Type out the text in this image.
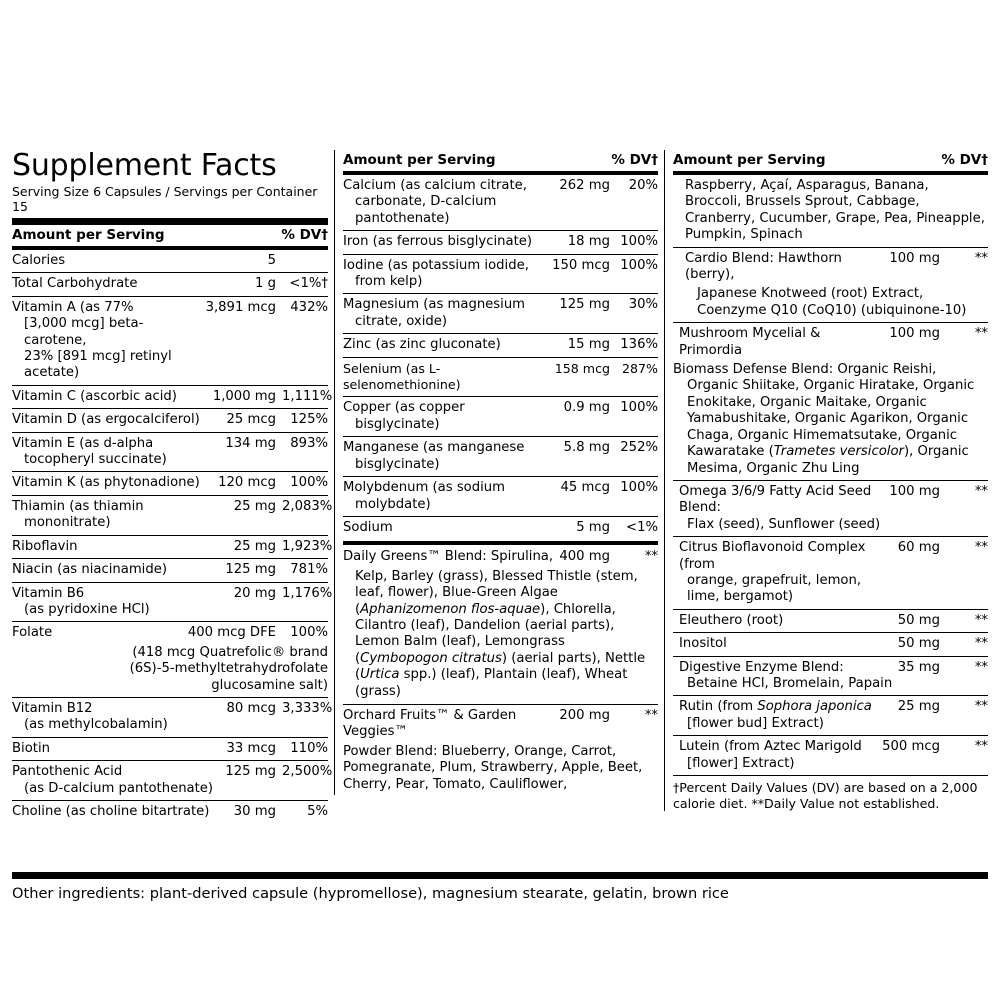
Supplement Facts
Serving Size 6 Capsules / Servings per Container 15
Amount per Serving	% DV†
Calories	5
Total Carbohydrate	1 g	<1%†
Vitamin A (as 77%
[3,000 mcg] beta-carotene,
23% [891 mcg] retinyl acetate)
3,891 mcg	432%
Vitamin C (ascorbic acid)	1,000 mg 1,111%
Vitamin D (as ergocalciferol)	25 mcg	125%
Vitamin E (as d-alpha
tocopheryl succinate)
134 mg	893%
Vitamin K (as phytonadione)	120 mcg	100%
Thiamin (as thiamin
mononitrate)
25 mg 2,083%
Riboflavin	25 mg 1,923%
Niacin (as niacinamide)	125 mg	781%
Vitamin B6
(as pyridoxine HCl)
20 mg 1,176%
Folate	400 mcg DFE	100%
(418 mcg Quatrefolic® brand
(6S)-5-methyltetrahydrofolate
glucosamine salt)
Vitamin B12
(as methylcobalamin)
80 mcg 3,333%
Biotin	33 mcg	110%
Pantothenic Acid
(as D-calcium pantothenate)
125 mg 2,500%
Choline (as choline bitartrate)	30 mg	5%
Amount per Serving	% DV†
Calcium (as calcium citrate,
carbonate, D-calcium
pantothenate)
262 mg	20%
Iron (as ferrous bisglycinate)	18 mg 100%
Iodine (as potassium iodide,
from kelp)
150 mcg 100%
Magnesium (as magnesium
citrate, oxide)
125 mg	30%
Zinc (as zinc gluconate)	15 mg 136%
Selenium (as L-selenomethionine)
158 mcg 287%
Copper (as copper
bisglycinate)
0.9 mg 100%
Manganese (as manganese
bisglycinate)
5.8 mg 252%
Molybdenum (as sodium
molybdate)
45 mcg 100%
Sodium	5 mg	<1%
Daily Greens™ Blend: Spirulina, 400 mg	**
Kelp, Barley (grass), Blessed Thistle (stem, leaf, flower), Blue-Green Algae (Aphanizomenon flos-aquae), Chlorella, Cilantro (leaf), Dandelion (aerial parts), Lemon Balm (leaf), Lemongrass (Cymbopogon citratus) (aerial parts), Nettle (Urtica spp.) (leaf), Plantain (leaf), Wheat (grass)
Orchard Fruits™ & Garden Veggies™
200 mg	**
Powder Blend: Blueberry, Orange, Carrot, Pomegranate, Plum, Strawberry, Apple, Beet, Cherry, Pear, Tomato, Cauliflower,
Amount per Serving	% DV†
Raspberry, Açaí, Asparagus, Banana, Broccoli, Brussels Sprout, Cabbage, Cranberry, Cucumber, Grape, Pea, Pineapple, Pumpkin, Spinach
Cardio Blend: Hawthorn (berry),
100 mg	**
Japanese Knotweed (root) Extract, Coenzyme Q10 (CoQ10) (ubiquinone-10)
Mushroom Mycelial & Primordia
100 mg	**
Biomass Defense Blend: Organic Reishi,
Organic Shiitake, Organic Hiratake, Organic Enokitake, Organic Maitake, Organic Yamabushitake, Organic Agarikon, Organic Chaga, Organic Himematsutake, Organic Kawaratake (Trametes versicolor), Organic Mesima, Organic Zhu Ling
Omega 3/6/9 Fatty Acid Seed Blend:
Flax (seed), Sunflower (seed)
100 mg	**
Citrus Bioflavonoid Complex (from
orange, grapefruit, lemon, lime, bergamot)
60 mg	**
Eleuthero (root)	50 mg	**
Inositol	50 mg	**
Digestive Enzyme Blend:
Betaine HCl, Bromelain, Papain
35 mg	**
Rutin (from Sophora japonica
[flower bud] Extract)
25 mg	**
Lutein (from Aztec Marigold
[flower] Extract)
500 mcg	**
†Percent Daily Values (DV) are based on a 2,000 calorie diet. **Daily Value not established.
Other ingredients: plant-derived capsule (hypromellose), magnesium stearate, gelatin, brown rice
